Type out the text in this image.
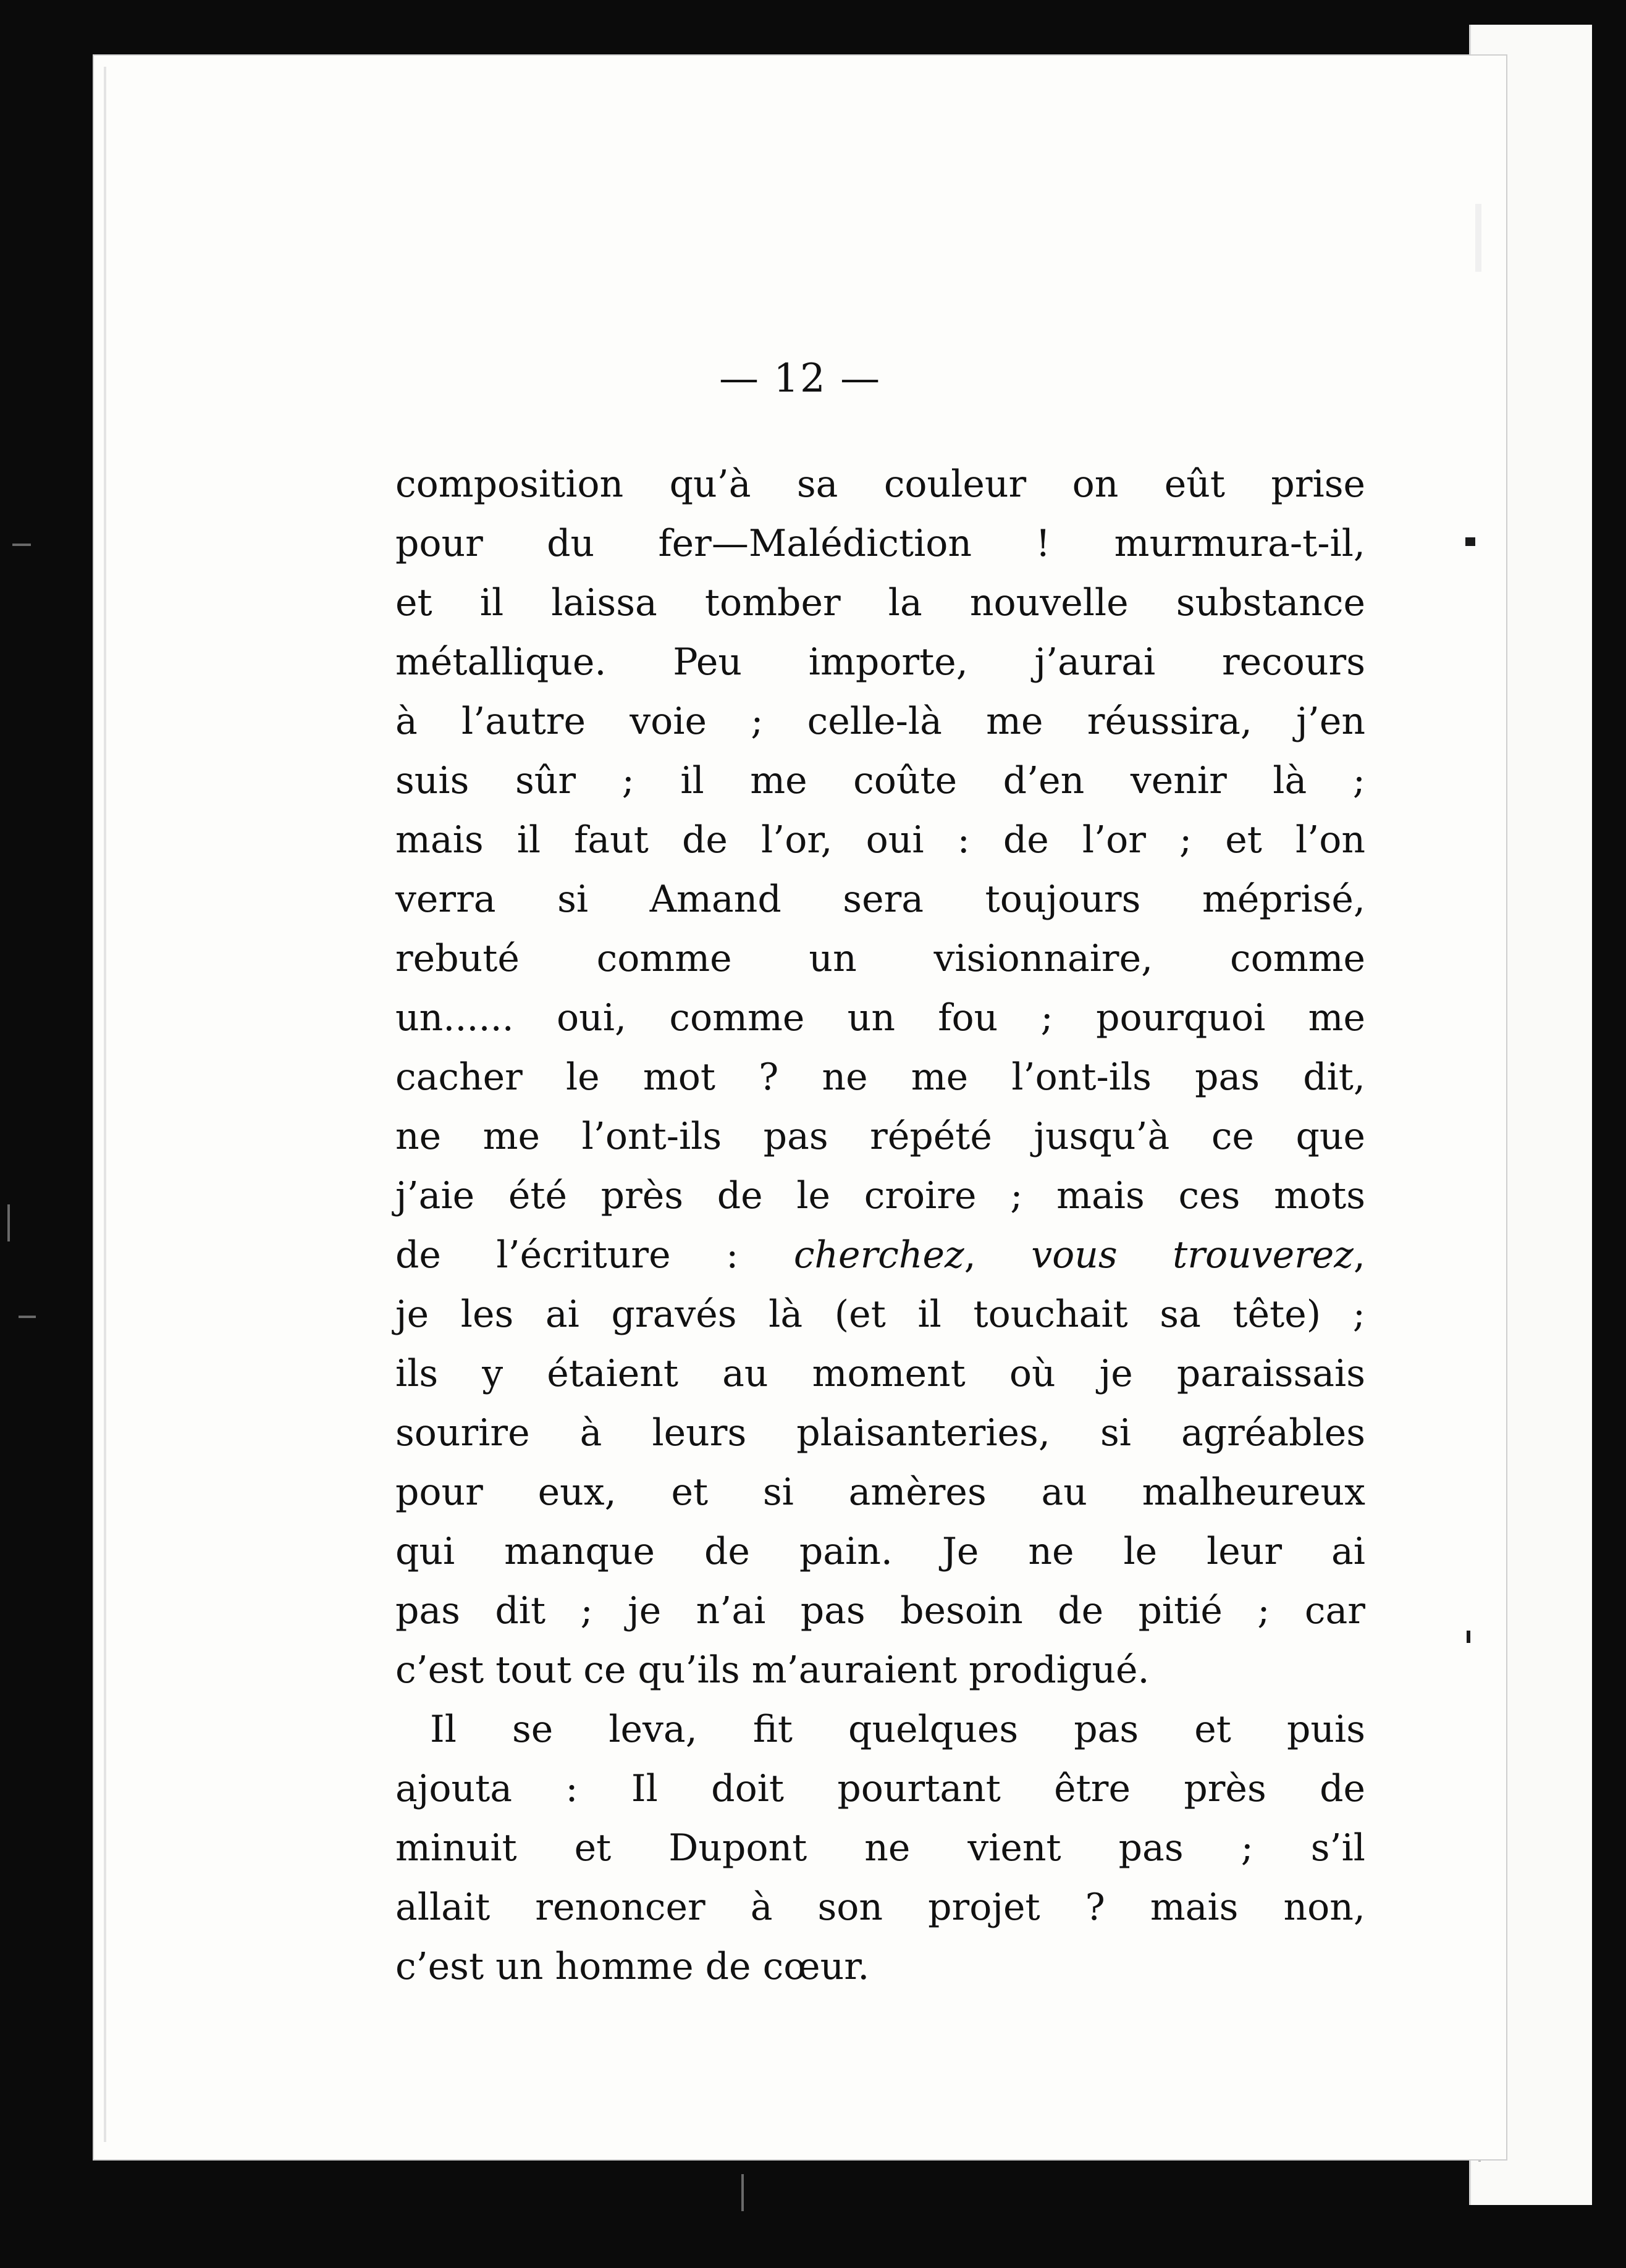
— 12 —
composition qu’à sa couleur on eût prise
pour du fer—Malédiction ! murmura-t-il,
et il laissa tomber la nouvelle substance
métallique. Peu importe, j’aurai recours
à l’autre voie ; celle-là me réussira, j’en
suis sûr ; il me coûte d’en venir là ;
mais il faut de l’or, oui : de l’or ; et l’on
verra si Amand sera toujours méprisé,
rebuté comme un visionnaire, comme
un...... oui, comme un fou ; pourquoi me
cacher le mot ? ne me l’ont-ils pas dit,
ne me l’ont-ils pas répété jusqu’à ce que
j’aie été près de le croire ; mais ces mots
de l’écriture : cherchez, vous trouverez,
je les ai gravés là (et il touchait sa tête) ;
ils y étaient au moment où je paraissais
sourire à leurs plaisanteries, si agréables
pour eux, et si amères au malheureux
qui manque de pain. Je ne le leur ai
pas dit ; je n’ai pas besoin de pitié ; car
c’est tout ce qu’ils m’auraient prodigué.
Il se leva, fit quelques pas et puis
ajouta : Il doit pourtant être près de
minuit et Dupont ne vient pas ; s’il
allait renoncer à son projet ? mais non,
c’est un homme de cœur.
